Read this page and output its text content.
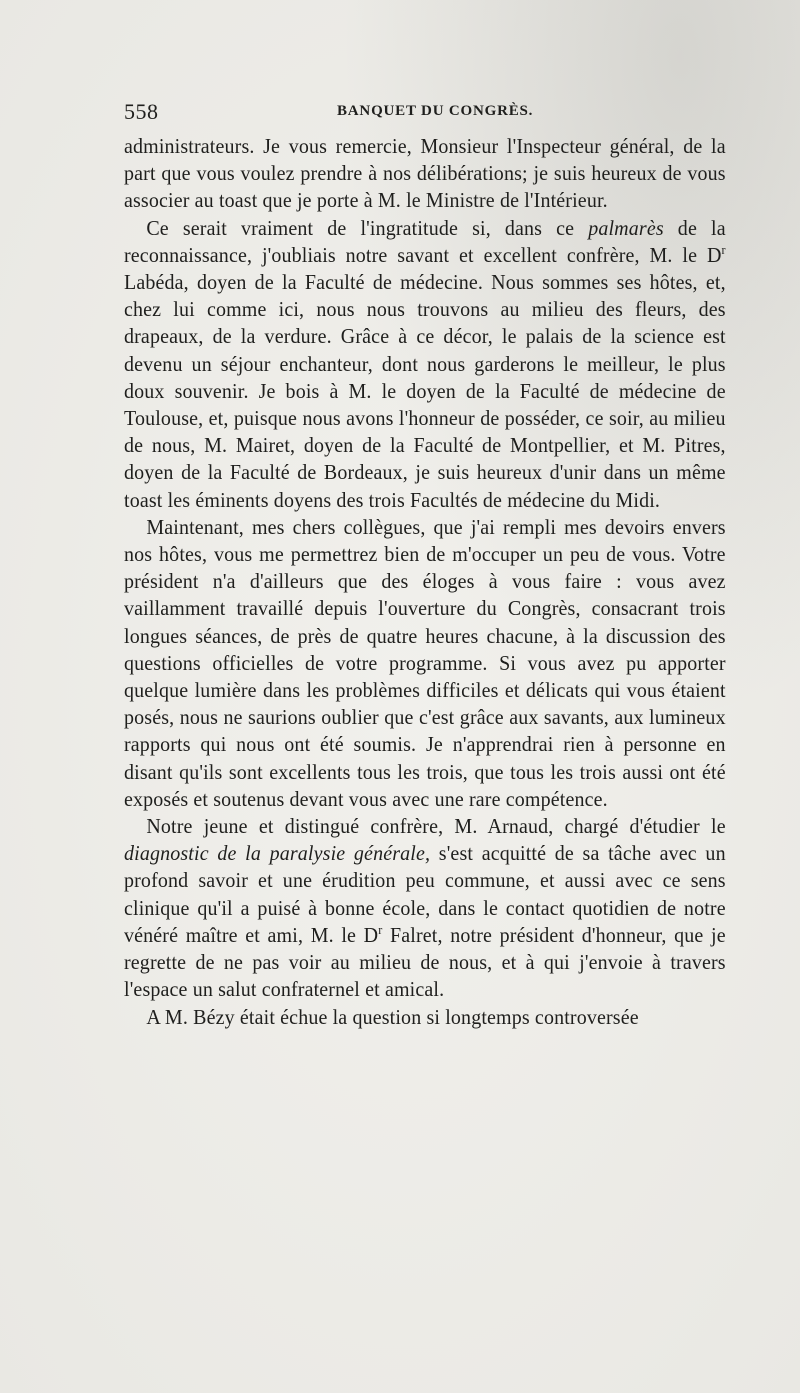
558	BANQUET DU CONGRÈS.

administrateurs. Je vous remercie, Monsieur l'Inspecteur général, de la part que vous voulez prendre à nos délibérations; je suis heureux de vous associer au toast que je porte à M. le Ministre de l'Intérieur.

Ce serait vraiment de l'ingratitude si, dans ce palmarès de la reconnaissance, j'oubliais notre savant et excellent confrère, M. le $D^r$ Labéda, doyen de la Faculté de médecine. Nous sommes ses hôtes, et, chez lui comme ici, nous nous trouvons au milieu des fleurs, des drapeaux, de la verdure. Grâce à ce décor, le palais de la science est devenu un séjour enchanteur, dont nous garderons le meilleur, le plus doux souvenir. Je bois à M. le doyen de la Faculté de médecine de Toulouse, et, puisque nous avons l'honneur de posséder, ce soir, au milieu de nous, M. Mairet, doyen de la Faculté de Montpellier, et M. Pitres, doyen de la Faculté de Bordeaux, je suis heureux d'unir dans un même toast les éminents doyens des trois Facultés de médecine du Midi.

Maintenant, mes chers collègues, que j'ai rempli mes devoirs envers nos hôtes, vous me permettrez bien de m'occuper un peu de vous. Votre président n'a d'ailleurs que des éloges à vous faire : vous avez vaillamment travaillé depuis l'ouverture du Congrès, consacrant trois longues séances, de près de quatre heures chacune, à la discussion des questions officielles de votre programme. Si vous avez pu apporter quelque lumière dans les problèmes difficiles et délicats qui vous étaient posés, nous ne saurions oublier que c'est grâce aux savants, aux lumineux rapports qui nous ont été soumis. Je n'apprendrai rien à personne en disant qu'ils sont excellents tous les trois, que tous les trois aussi ont été exposés et soutenus devant vous avec une rare compétence.

Notre jeune et distingué confrère, M. Arnaud, chargé d'étudier le diagnostic de la paralysie générale, s'est acquitté de sa tâche avec un profond savoir et une érudition peu commune, et aussi avec ce sens clinique qu'il a puisé à bonne école, dans le contact quotidien de notre vénéré maître et ami, M. le $D^r$ Falret, notre président d'honneur, que je regrette de ne pas voir au milieu de nous, et à qui j'envoie à travers l'espace un salut confraternel et amical.

A M. Bézy était échue la question si longtemps controversée
